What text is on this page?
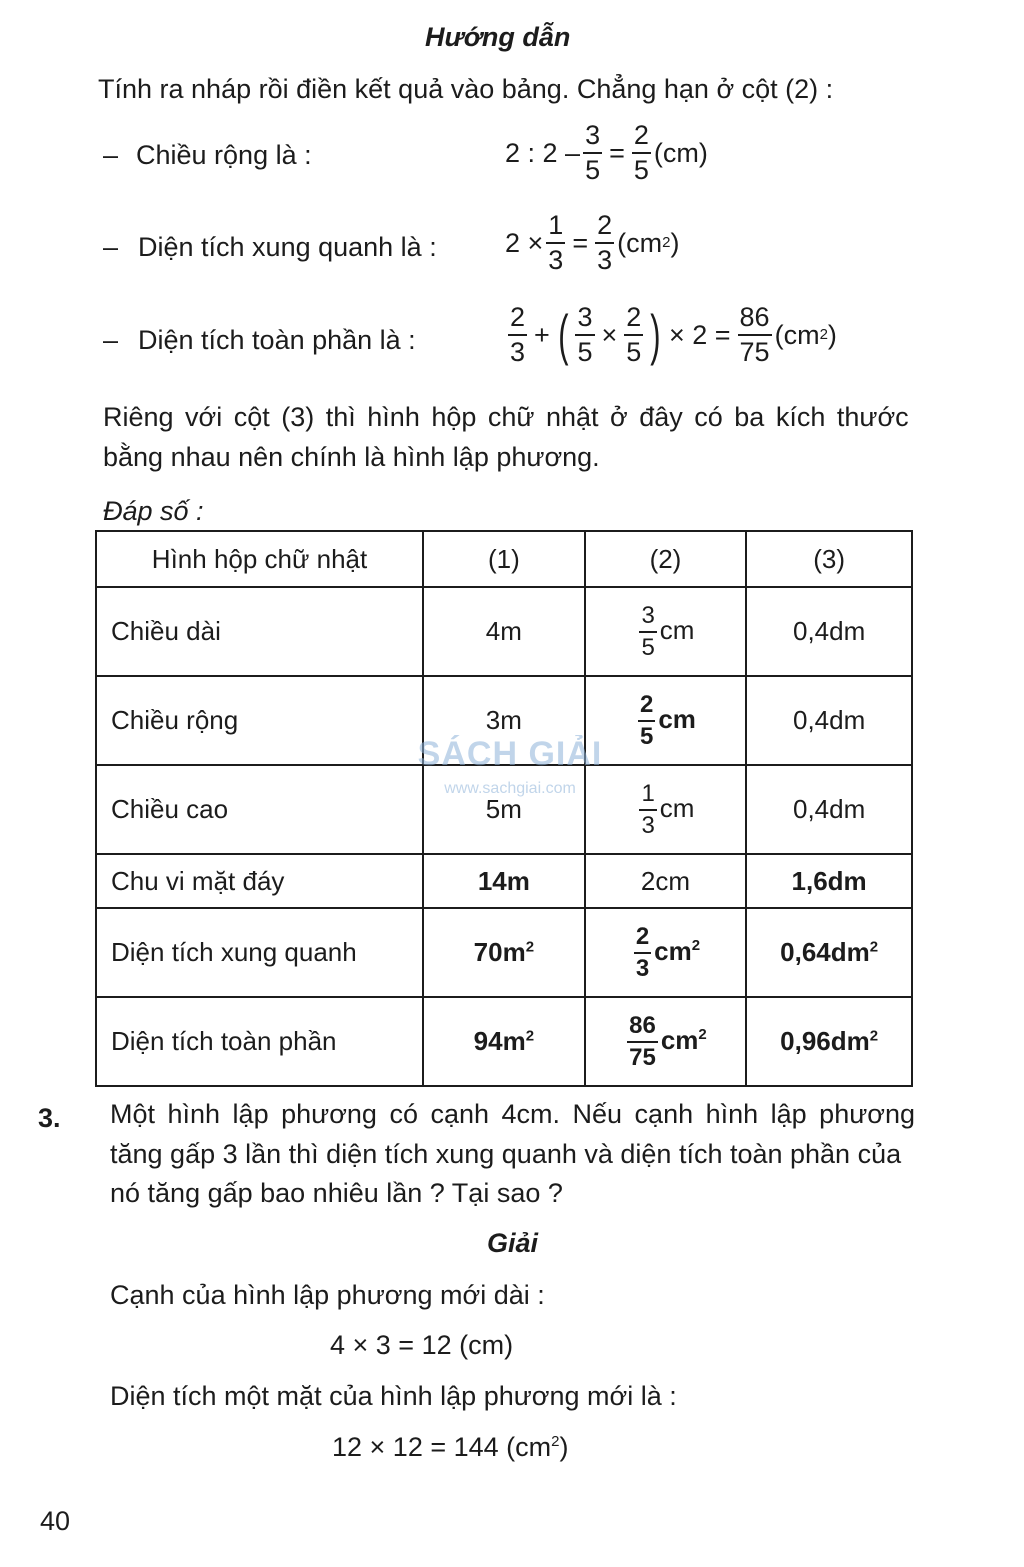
Hướng dẫn
Tính ra nháp rồi điền kết quả vào bảng. Chẳng hạn ở cột (2) :
– Chiều rộng là :	2 : $2 - \frac{3}{5} = \frac{2}{5} (cm)$
– Diện tích xung quanh là :	$2 \times \frac{1}{3} = \frac{2}{3} (cm$ 2 )
– Diện tích toàn phần là :	$\frac{2}{3}$ + ( $\frac{3}{5} \times \frac{2}{5}$ ) × $2 = \frac{86}{75} (cm$ 2 )
Riêng với cột (3) thì hình hộp chữ nhật ở đây có ba kích thước
bằng nhau nên chính là hình lập phương.
Đáp số :
Hình hộp chữ nhật	(1)	(2)	(3)
Chiều dài	4m	$\frac{3}{5}$ cm	0,4dm
Chiều rộng	3m	$\frac{2}{5}$ cm	0,4dm
Chiều cao	5m	$\frac{1}{3}$ cm	0,4dm
Chu vi mặt đáy	14m	2cm	1,6dm
Diện tích xung quanh	$70m^2$	$\frac{2}{3} cm^2$	$0,64dm^2$
Diện tích toàn phần	$94m^2$	$\frac{86}{75} cm^2$	$0,96dm^2$
SÁCH GIẢI
www.sachgiai.com
3. Một hình lập phương có cạnh 4cm. Nếu cạnh hình lập phương
tăng gấp 3 lần thì diện tích xung quanh và diện tích toàn phần của
nó tăng gấp bao nhiêu lần ? Tại sao ?
Giải
Cạnh của hình lập phương mới dài :
4 × 3 = 12 (cm)
Diện tích một mặt của hình lập phương mới là :
12 × 12 = 144 $(cm^2)$
40
